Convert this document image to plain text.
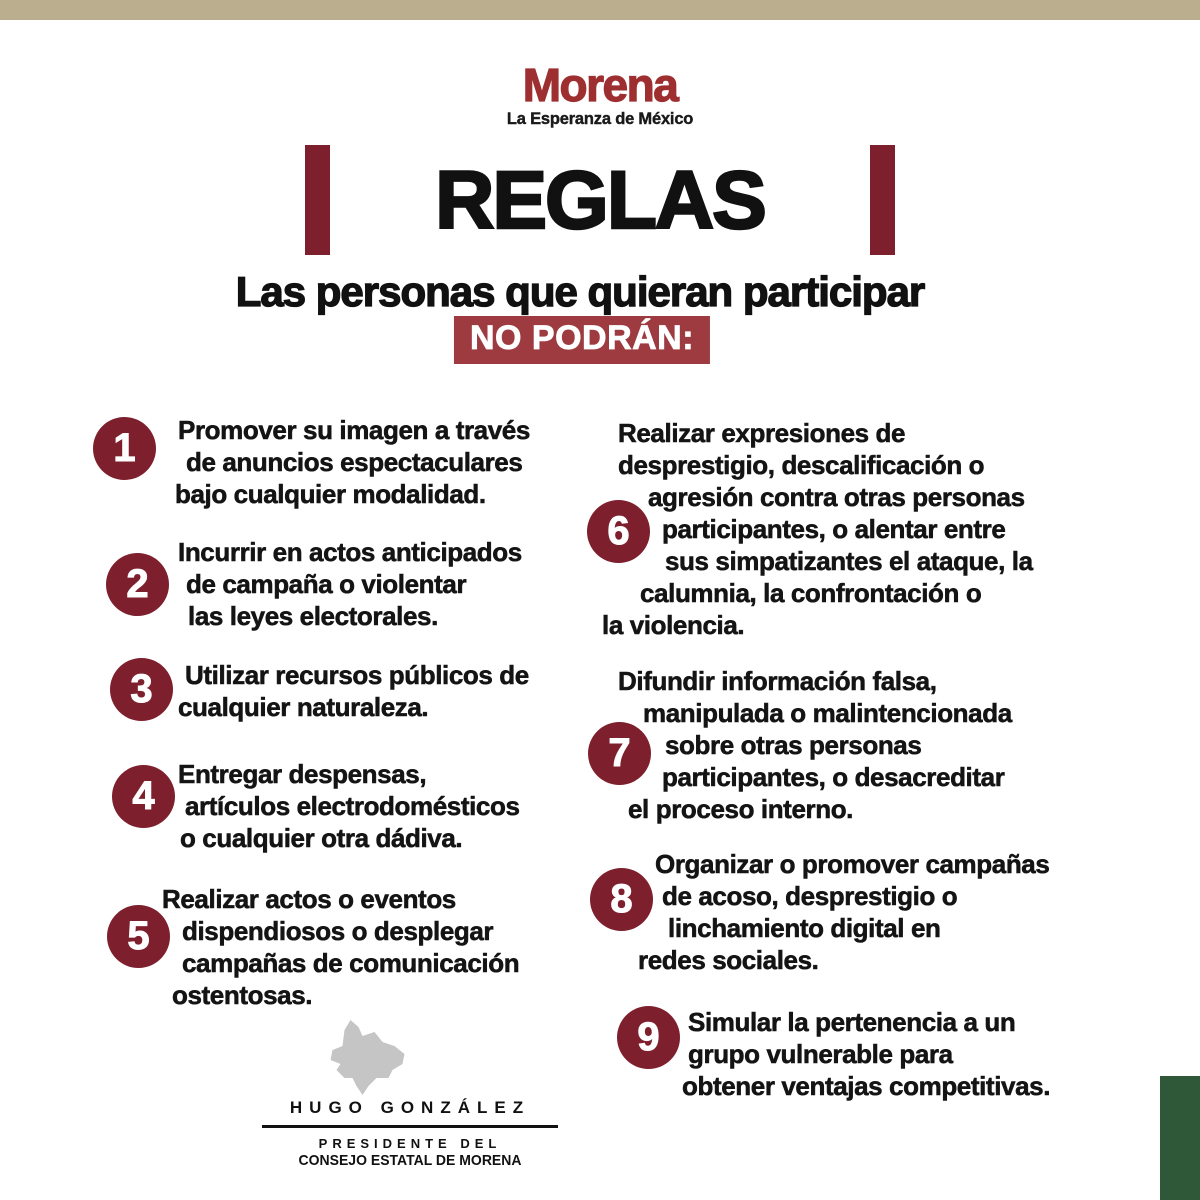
Morena
La Esperanza de México
REGLAS
Las personas que quieran participar
NO PODRÁN:
1	Promover su imagen a través
de anuncios espectaculares
bajo cualquier modalidad.
2
Incurrir en actos anticipados
de campaña o violentar
las leyes electorales.
3	Utilizar recursos públicos de
cualquier naturaleza.
4 Entregar despensas,
artículos electrodomésticos
o cualquier otra dádiva.
5
Realizar actos o eventos
dispendiosos o desplegar
campañas de comunicación
ostentosas.
6
Realizar expresiones de
desprestigio, descalificación o
agresión contra otras personas
participantes, o alentar entre
sus simpatizantes el ataque, la
calumnia, la confrontación o
la violencia.
7
Difundir información falsa,
manipulada o malintencionada
sobre otras personas
participantes, o desacreditar
el proceso interno.
8
Organizar o promover campañas
de acoso, desprestigio o
linchamiento digital en
redes sociales.
9	Simular la pertenencia a un
grupo vulnerable para
obtener ventajas competitivas.
HUGO GONZÁLEZ
PRESIDENTE DEL
CONSEJO ESTATAL DE MORENA
